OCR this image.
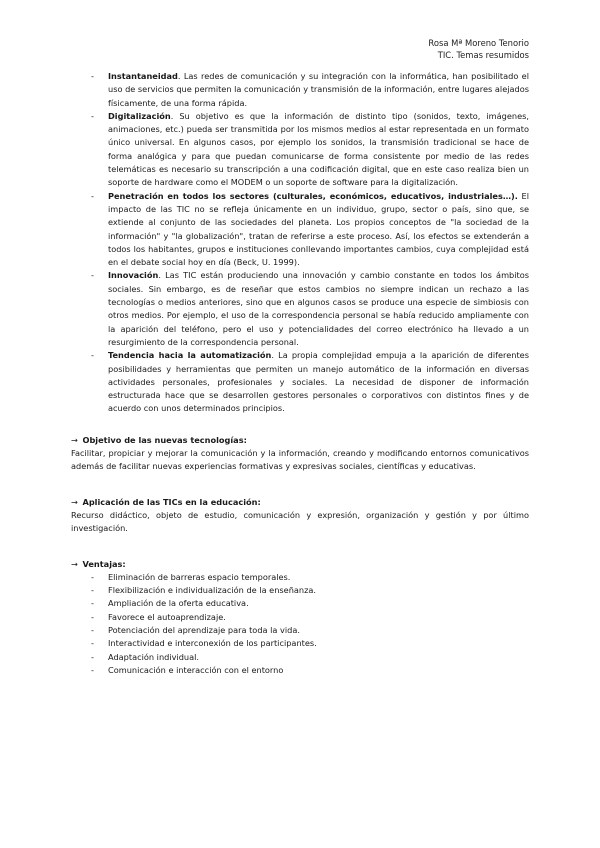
Rosa Mª Moreno Tenorio
TIC. Temas resumidos
- Instantaneidad. Las redes de comunicación y su integración con la informática, han posibilitado el uso de servicios que permiten la comunicación y transmisión de la información, entre lugares alejados físicamente, de una forma rápida.
- Digitalización. Su objetivo es que la información de distinto tipo (sonidos, texto, imágenes, animaciones, etc.) pueda ser transmitida por los mismos medios al estar representada en un formato único universal. En algunos casos, por ejemplo los sonidos, la transmisión tradicional se hace de forma analógica y para que puedan comunicarse de forma consistente por medio de las redes telemáticas es necesario su transcripción a una codificación digital, que en este caso realiza bien un soporte de hardware como el MODEM o un soporte de software para la digitalización.
- Penetración en todos los sectores (culturales, económicos, educativos, industriales…). El impacto de las TIC no se refleja únicamente en un individuo, grupo, sector o país, sino que, se extiende al conjunto de las sociedades del planeta. Los propios conceptos de "la sociedad de la información" y "la globalización", tratan de referirse a este proceso. Así, los efectos se extenderán a todos los habitantes, grupos e instituciones conllevando importantes cambios, cuya complejidad está en el debate social hoy en día (Beck, U. 1999).
- Innovación. Las TIC están produciendo una innovación y cambio constante en todos los ámbitos sociales. Sin embargo, es de reseñar que estos cambios no siempre indican un rechazo a las tecnologías o medios anteriores, sino que en algunos casos se produce una especie de simbiosis con otros medios. Por ejemplo, el uso de la correspondencia personal se había reducido ampliamente con la aparición del teléfono, pero el uso y potencialidades del correo electrónico ha llevado a un resurgimiento de la correspondencia personal.
- Tendencia hacia la automatización. La propia complejidad empuja a la aparición de diferentes posibilidades y herramientas que permiten un manejo automático de la información en diversas actividades personales, profesionales y sociales. La necesidad de disponer de información estructurada hace que se desarrollen gestores personales o corporativos con distintos fines y de acuerdo con unos determinados principios.
→ Objetivo de las nuevas tecnologías:
Facilitar, propiciar y mejorar la comunicación y la información, creando y modificando entornos comunicativos además de facilitar nuevas experiencias formativas y expresivas sociales, científicas y educativas.
→ Aplicación de las TICs en la educación:
Recurso didáctico, objeto de estudio, comunicación y expresión, organización y gestión y por último investigación.
→ Ventajas:
- Eliminación de barreras espacio temporales.
- Flexibilización e individualización de la enseñanza.
- Ampliación de la oferta educativa.
- Favorece el autoaprendizaje.
- Potenciación del aprendizaje para toda la vida.
- Interactividad e interconexión de los participantes.
- Adaptación individual.
- Comunicación e interacción con el entorno
